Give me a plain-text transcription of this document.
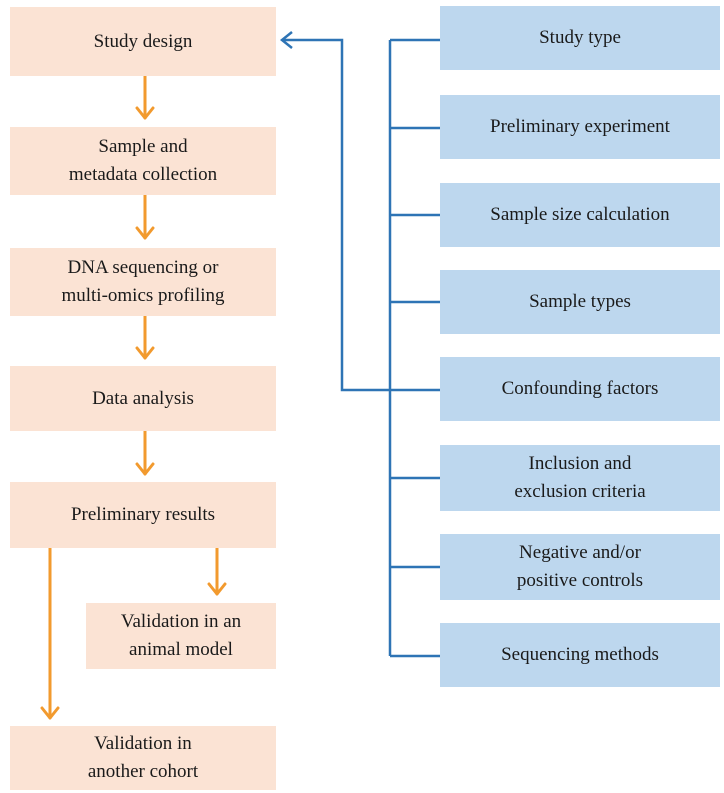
Study design
Sample and
metadata collection
DNA sequencing or
multi-omics profiling
Data analysis
Preliminary results
Validation in an
animal model
Validation in
another cohort
Study type
Preliminary experiment
Sample size calculation
Sample types
Confounding factors
Inclusion and
exclusion criteria
Negative and/or
positive controls
Sequencing methods
